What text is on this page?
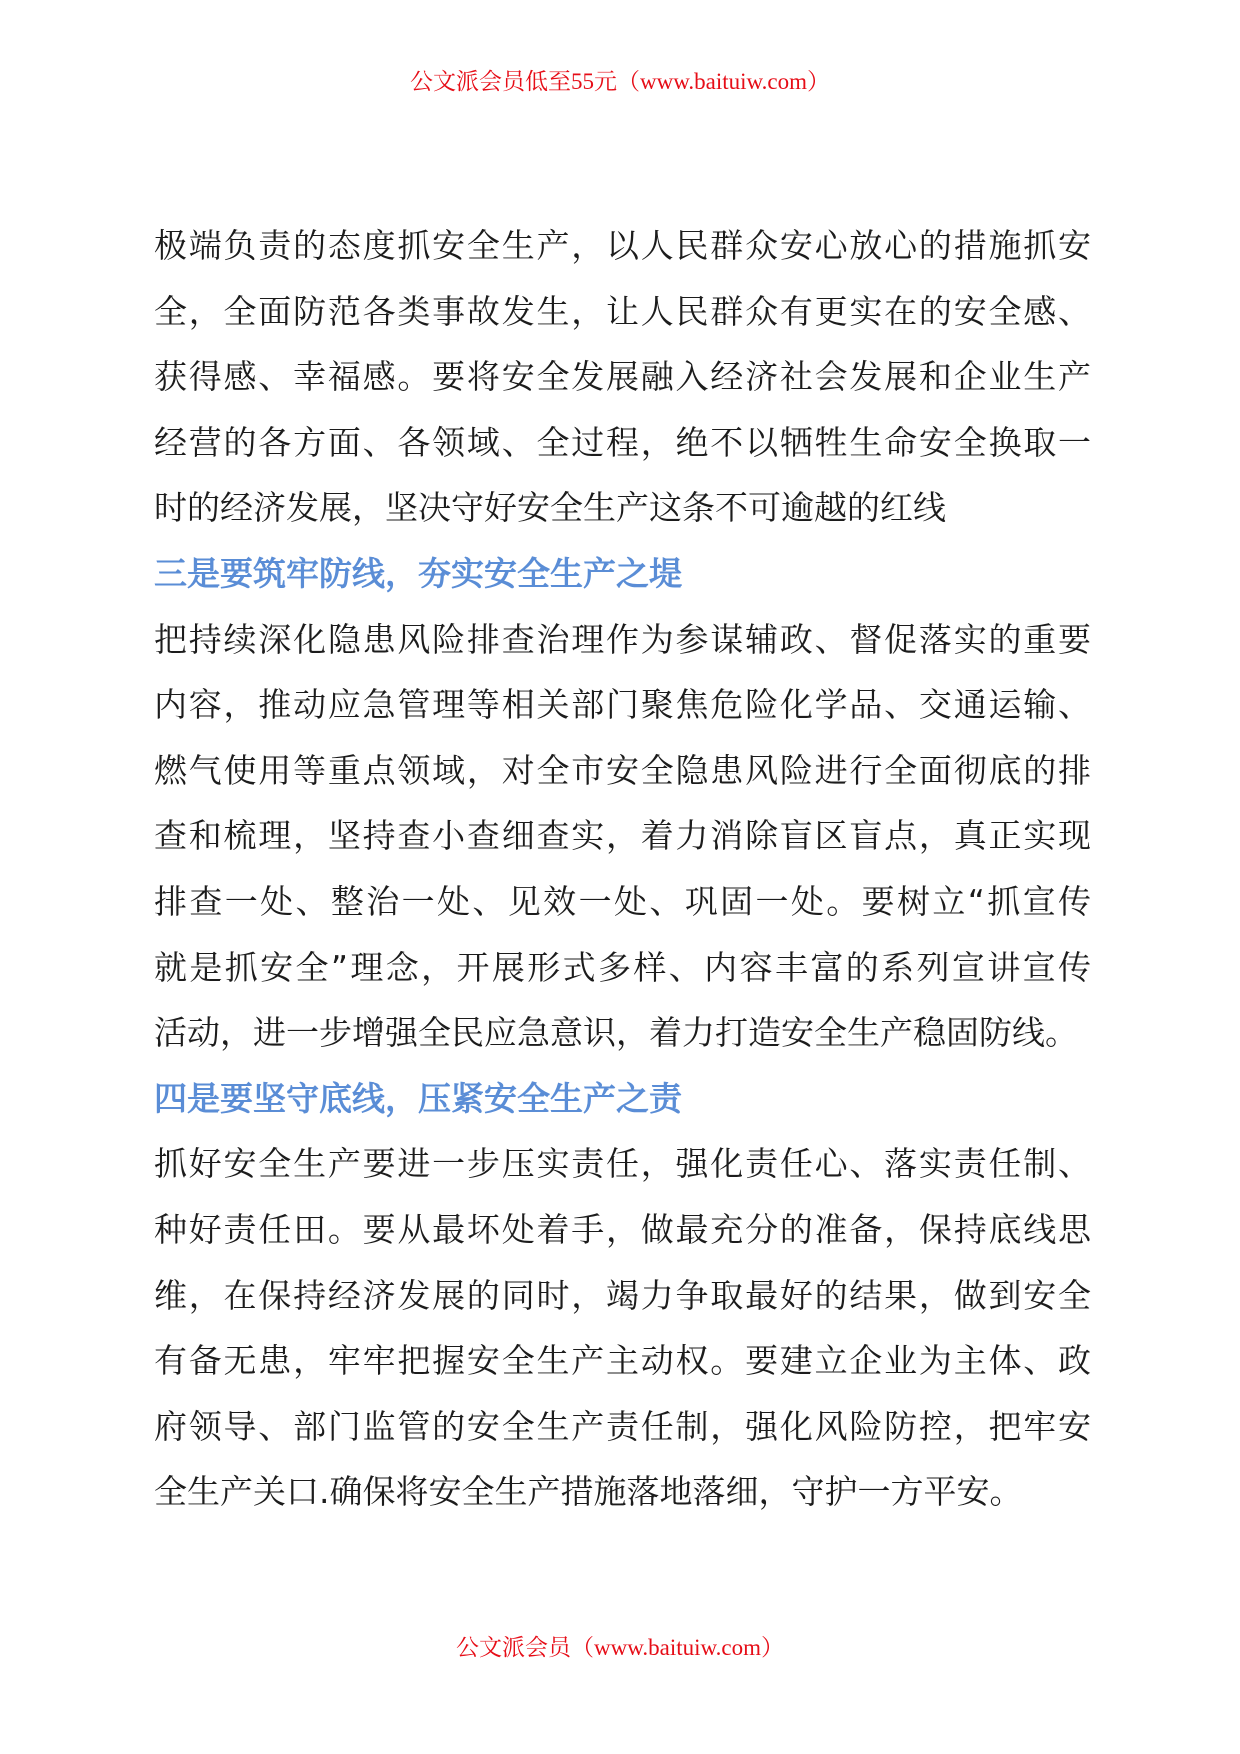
公文派会员低至55元（www.baituiw.com）
极端负责的态度抓安全生产，以人民群众安心放心的措施抓安
全，全面防范各类事故发生，让人民群众有更实在的安全感、
获得感、幸福感。要将安全发展融入经济社会发展和企业生产
经营的各方面、各领域、全过程，绝不以牺牲生命安全换取一
时的经济发展，坚决守好安全生产这条不可逾越的红线
三是要筑牢防线，夯实安全生产之堤
把持续深化隐患风险排查治理作为参谋辅政、督促落实的重要
内容，推动应急管理等相关部门聚焦危险化学品、交通运输、
燃气使用等重点领域，对全市安全隐患风险进行全面彻底的排
查和梳理，坚持查小查细查实，着力消除盲区盲点，真正实现
排查一处、整治一处、见效一处、巩固一处。要树立“抓宣传
就是抓安全”理念，开展形式多样、内容丰富的系列宣讲宣传
活动，进一步增强全民应急意识，着力打造安全生产稳固防线。
四是要坚守底线，压紧安全生产之责
抓好安全生产要进一步压实责任，强化责任心、落实责任制、
种好责任田。要从最坏处着手，做最充分的准备，保持底线思
维，在保持经济发展的同时，竭力争取最好的结果，做到安全
有备无患，牢牢把握安全生产主动权。要建立企业为主体、政
府领导、部门监管的安全生产责任制，强化风险防控，把牢安
全生产关口.确保将安全生产措施落地落细，守护一方平安。
公文派会员（www.baituiw.com）
